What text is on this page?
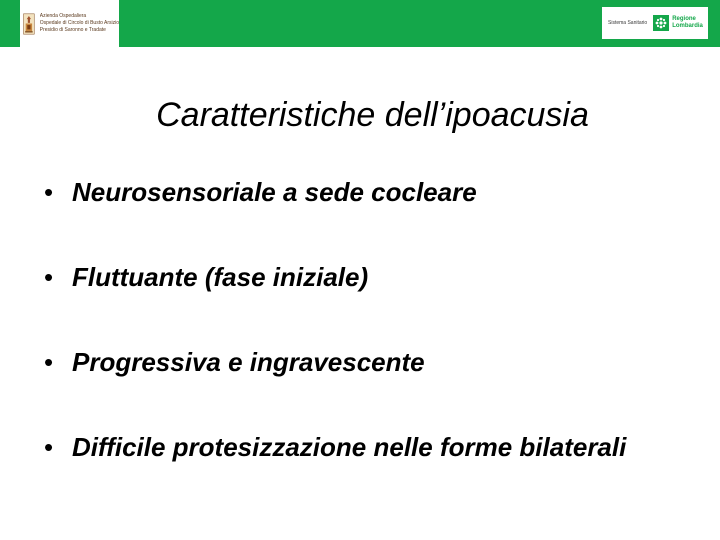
Azienda Ospedaliera
Ospedale di Circolo di Busto Arsizio
Presidio di Saronno e Tradate
Sistema Sanitario
Regione
Lombardia
Caratteristiche dell’ipoacusia
• Neurosensoriale a sede cocleare
• Fluttuante (fase iniziale)
• Progressiva e ingravescente
• Difficile protesizzazione nelle forme bilaterali
